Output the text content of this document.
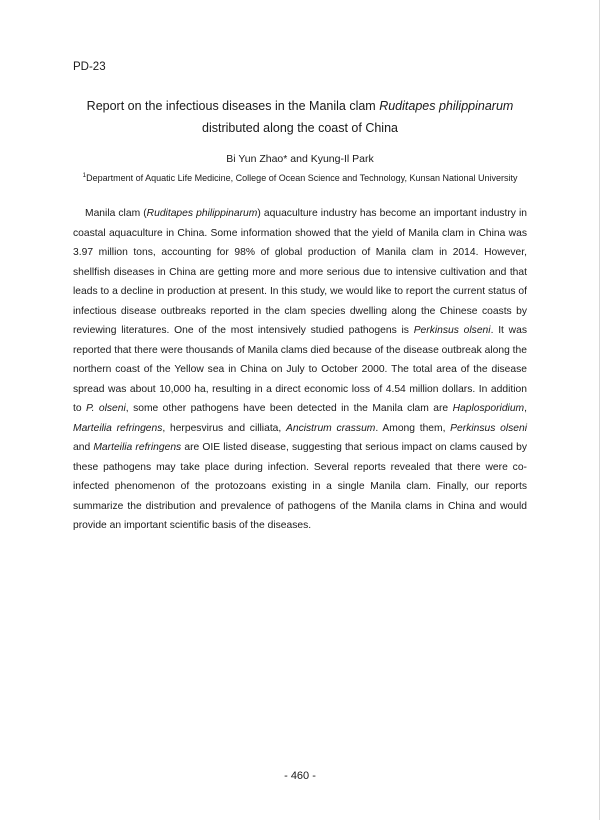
PD-23
Report on the infectious diseases in the Manila clam Ruditapes philippinarum
distributed along the coast of China
Bi Yun Zhao* and Kyung-Il Park
$^1$Department of Aquatic Life Medicine, College of Ocean Science and Technology, Kunsan National University

Manila clam (Ruditapes philippinarum) aquaculture industry has become an important industry in coastal aquaculture in China. Some information showed that the yield of Manila clam in China was 3.97 million tons, accounting for 98% of global production of Manila clam in 2014. However, shellfish diseases in China are getting more and more serious due to intensive cultivation and that leads to a decline in production at present. In this study, we would like to report the current status of infectious disease outbreaks reported in the clam species dwelling along the Chinese coasts by reviewing literatures. One of the most intensively studied pathogens is Perkinsus olseni. It was reported that there were thousands of Manila clams died because of the disease outbreak along the northern coast of the Yellow sea in China on July to October 2000. The total area of the disease spread was about 10,000 ha, resulting in a direct economic loss of 4.54 million dollars. In addition to P. olseni, some other pathogens have been detected in the Manila clam are Haplosporidium, Marteilia refringens, herpesvirus and cilliata, Ancistrum crassum. Among them, Perkinsus olseni and Marteilia refringens are OIE listed disease, suggesting that serious impact on clams caused by these pathogens may take place during infection. Several reports revealed that there were co-infected phenomenon of the protozoans existing in a single Manila clam. Finally, our reports summarize the distribution and prevalence of pathogens of the Manila clams in China and would provide an important scientific basis of the diseases.

- 460 -
